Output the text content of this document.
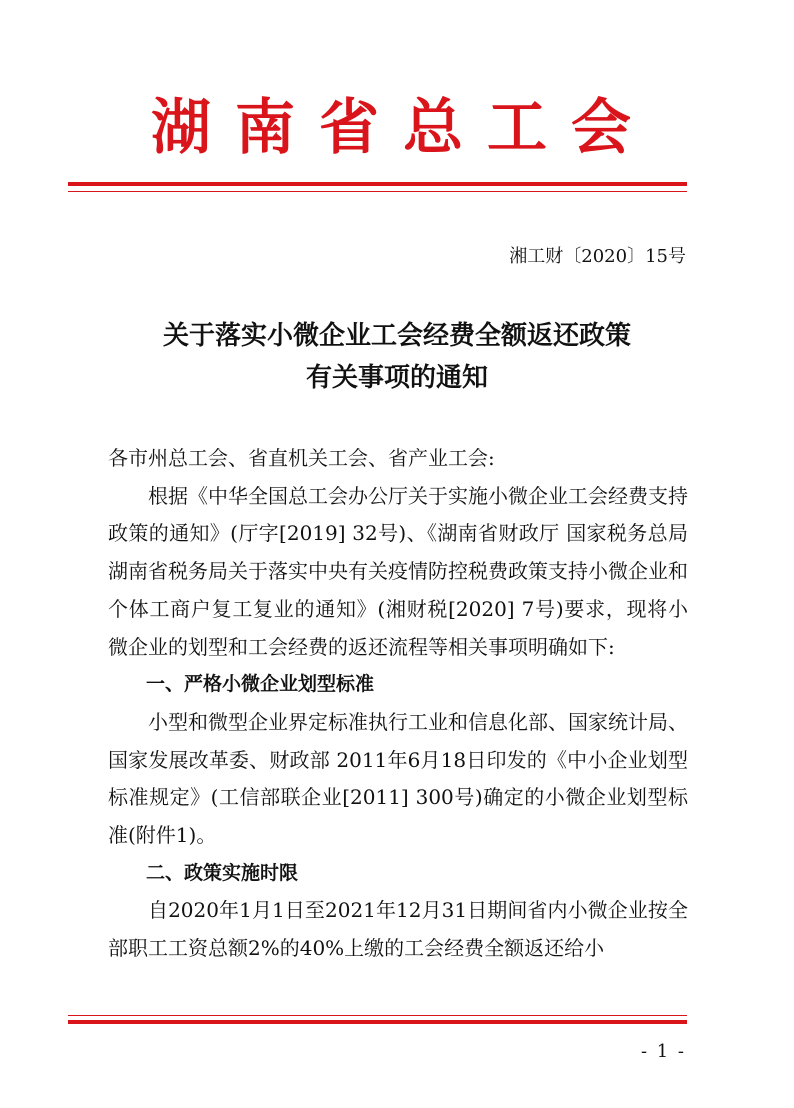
湖南省总工会
湘工财〔2020〕15号
关于落实小微企业工会经费全额返还政策
有关事项的通知
各市州总工会、省直机关工会、省产业工会:
根据《中华全国总工会办公厅关于实施小微企业工会经费支持政策的通知》(厅字[2019] 32号)、《湖南省财政厅 国家税务总局湖南省税务局关于落实中央有关疫情防控税费政策支持小微企业和个体工商户复工复业的通知》(湘财税[2020] 7号)要求，现将小微企业的划型和工会经费的返还流程等相关事项明确如下:
一、严格小微企业划型标准
小型和微型企业界定标准执行工业和信息化部、国家统计局、国家发展改革委、财政部 2011年6月18日印发的《中小企业划型标准规定》(工信部联企业[2011] 300号)确定的小微企业划型标准(附件1)。
二、政策实施时限
自2020年1月1日至2021年12月31日期间省内小微企业按全部职工工资总额2%的40%上缴的工会经费全额返还给小
- 1 -
